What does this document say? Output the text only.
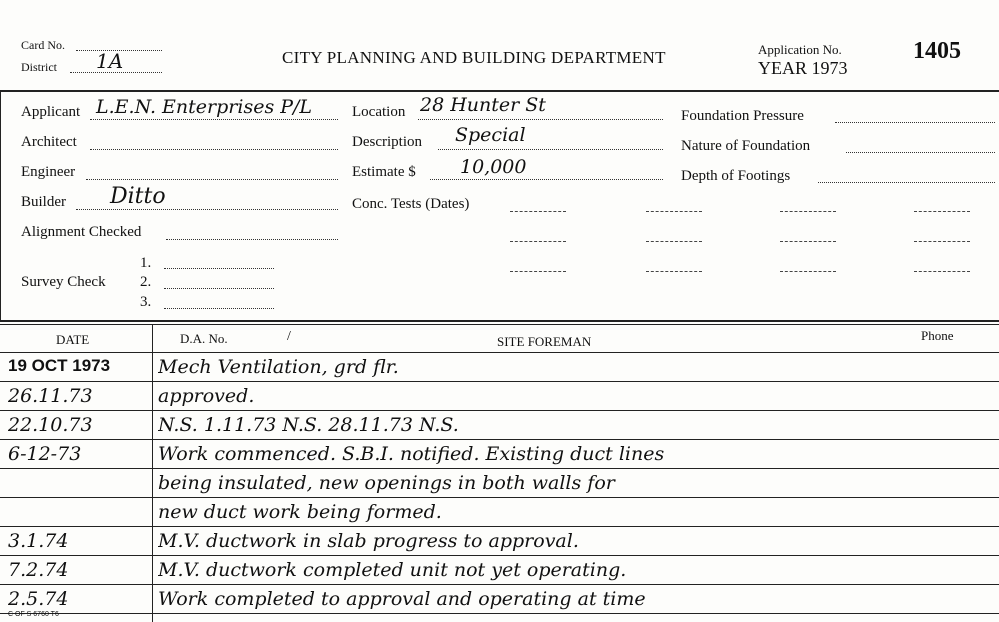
Card No.
District 1A	CITY PLANNING AND BUILDING DEPARTMENT	Application No.
YEAR 1973
1405
Applicant L.E.N. Enterprises P/L
Architect
Engineer
Builder Ditto
Alignment Checked
Survey Check
1.
2.
3.
Location 28 Hunter St
Description Special
Estimate $ 10,000
Conc. Tests (Dates)
Foundation Pressure
Nature of Foundation
Depth of Footings
DATE	D.A. No.	/	SITE FOREMAN	Phone
19 OCT 1973	Mech Ventilation, grd flr.
26.11.73	approved.
22.10.73	N.S. 1.11.73 N.S. 28.11.73 N.S.
6-12-73	Work commenced. S.B.I. notified. Existing duct lines
being insulated, new openings in both walls for
new duct work being formed.
3.1.74	M.V. ductwork in slab progress to approval.
7.2.74	M.V. ductwork completed unit not yet operating.
2.5.74	Work completed to approval and operating at time
C OF S 6760 T6
